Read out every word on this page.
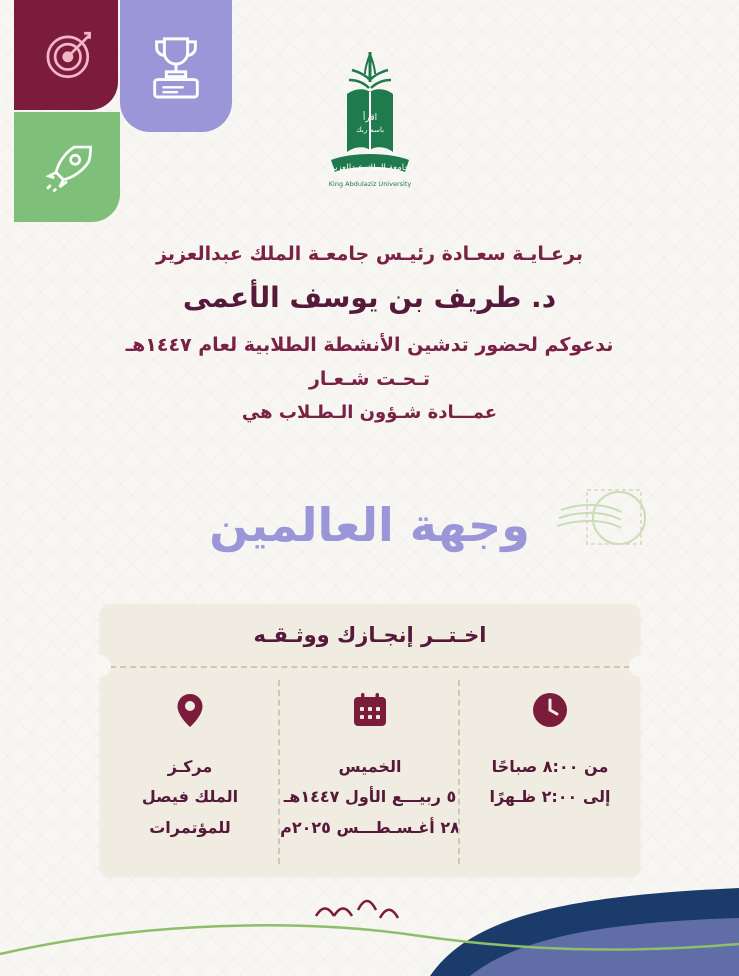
اقرأ
باسم ربك
جامعة الملك عبدالعزيز
King Abdulaziz University
برعـايـة سعـادة رئيـس جامعـة الملك عبدالعزيز
د. طريف بن يوسف الأعمى
ندعوكم لحضور تدشين الأنشطة الطلابية لعام ١٤٤٧هـ
تـحـت شـعـار
عمـــادة شـؤون الـطـلاب هي
وجهة العالمين
اخـتــر إنجـازك ووثـقـه
من ٨:٠٠ صباحًا
إلى ٢:٠٠ ظـهرًا
الخميس
٥ ربيـــع الأول ١٤٤٧هـ
٢٨ أغـسـطـــس ٢٠٢٥م
مركـز
الملك فيصل للمؤتمرات
